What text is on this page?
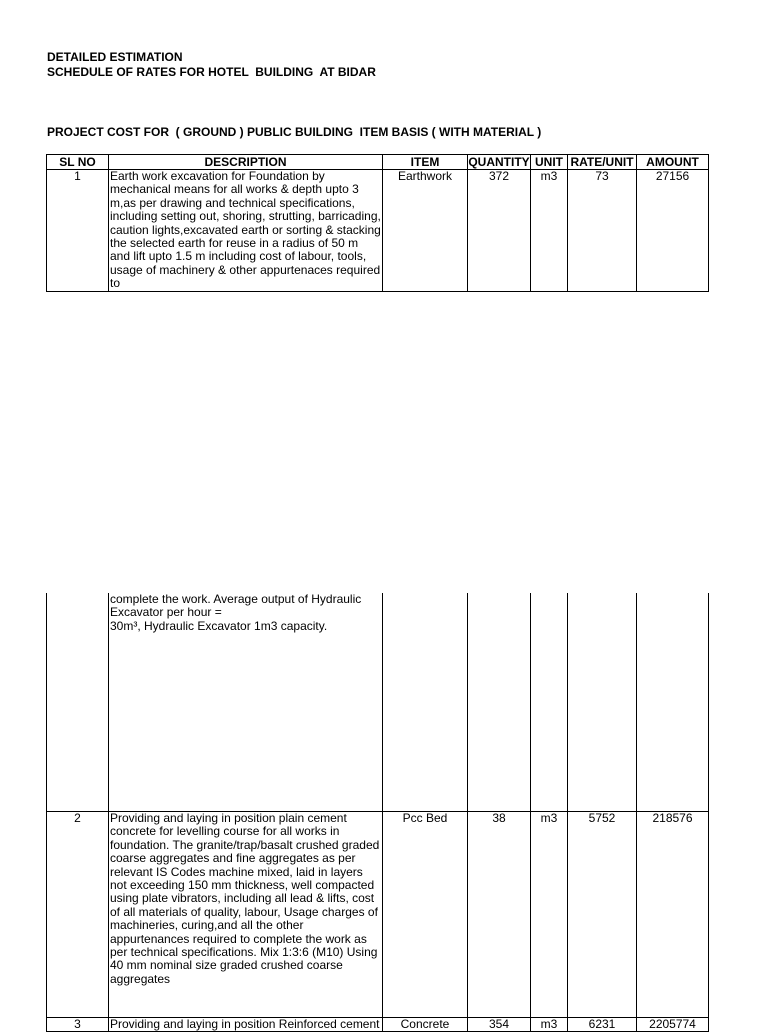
DETAILED ESTIMATION
SCHEDULE OF RATES FOR HOTEL  BUILDING  AT BIDAR
PROJECT COST FOR  ( GROUND ) PUBLIC BUILDING  ITEM BASIS ( WITH MATERIAL )
SL NO	DESCRIPTION	ITEM	QUANTITY	UNIT	RATE/UNIT	AMOUNT
1	Earth work excavation for Foundation by mechanical means for all works & depth upto 3 m,as per drawing and technical specifications, including setting out, shoring, strutting, barricading, caution lights,excavated earth or sorting & stacking the selected earth for reuse in a radius of 50 m and lift upto 1.5 m including cost of labour, tools, usage of machinery & other appurtenaces required to	Earthwork	372	m3	73	27156

	complete the work. Average output of Hydraulic Excavator per hour =
30m³, Hydraulic Excavator 1m3 capacity.					

2	Providing and laying in position plain cement concrete for levelling course for all works in foundation. The granite/trap/basalt crushed graded coarse aggregates and fine aggregates as per relevant IS Codes machine mixed, laid in layers not exceeding 150 mm thickness, well compacted using plate vibrators, including all lead & lifts, cost of all materials of quality, labour, Usage charges of machineries, curing,and all the other appurtenances required to complete the work as per technical specifications. Mix 1:3:6 (M10) Using 40 mm nominal size graded crushed coarse aggregates	Pcc Bed	38	m3	5752	218576
3	Providing and laying in position Reinforced cement	Concrete	354	m3	6231	2205774
